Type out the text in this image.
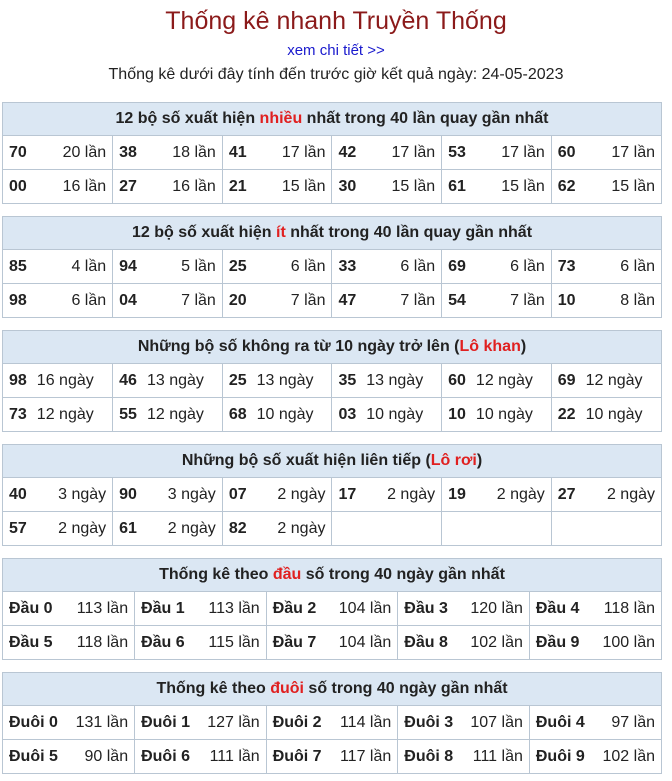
Thống kê nhanh Truyền Thống
xem chi tiết >>
Thống kê dưới đây tính đến trước giờ kết quả ngày: 24-05-2023
12 bộ số xuất hiện nhiều nhất trong 40 lần quay gần nhất
70 20 lần	38 18 lần	41 17 lần	42 17 lần	53 17 lần	60 17 lần

00 16 lần	27 16 lần	21 15 lần	30 15 lần	61 15 lần	62 15 lần
12 bộ số xuất hiện ít nhất trong 40 lần quay gần nhất
85 4 lần	94 5 lần	25 6 lần	33 6 lần	69 6 lần	73 6 lần

98 6 lần	04 7 lần	20 7 lần	47 7 lần	54 7 lần	10 8 lần
Những bộ số không ra từ 10 ngày trở lên (Lô khan)
98 16 ngày	46 13 ngày	25 13 ngày	35 13 ngày	60 12 ngày	69 12 ngày

73 12 ngày	55 12 ngày	68 10 ngày	03 10 ngày	10 10 ngày	22 10 ngày
Những bộ số xuất hiện liên tiếp (Lô rơi)
40 3 ngày	90 3 ngày	07 2 ngày	17 2 ngày	19 2 ngày	27 2 ngày

57 2 ngày	61 2 ngày	82 2 ngày			

Thống kê theo đầu số trong 40 ngày gần nhất
Đầu 0 113 lần	Đầu 1 113 lần	Đầu 2 104 lần	Đầu 3 120 lần	Đầu 4 118 lần

Đầu 5 118 lần	Đầu 6 115 lần	Đầu 7 104 lần	Đầu 8 102 lần	Đầu 9 100 lần
Thống kê theo đuôi số trong 40 ngày gần nhất
Đuôi 0 131 lần	Đuôi 1 127 lần	Đuôi 2 114 lần	Đuôi 3 107 lần	Đuôi 4 97 lần

Đuôi 5 90 lần	Đuôi 6 111 lần	Đuôi 7 117 lần	Đuôi 8 111 lần	Đuôi 9 102 lần
